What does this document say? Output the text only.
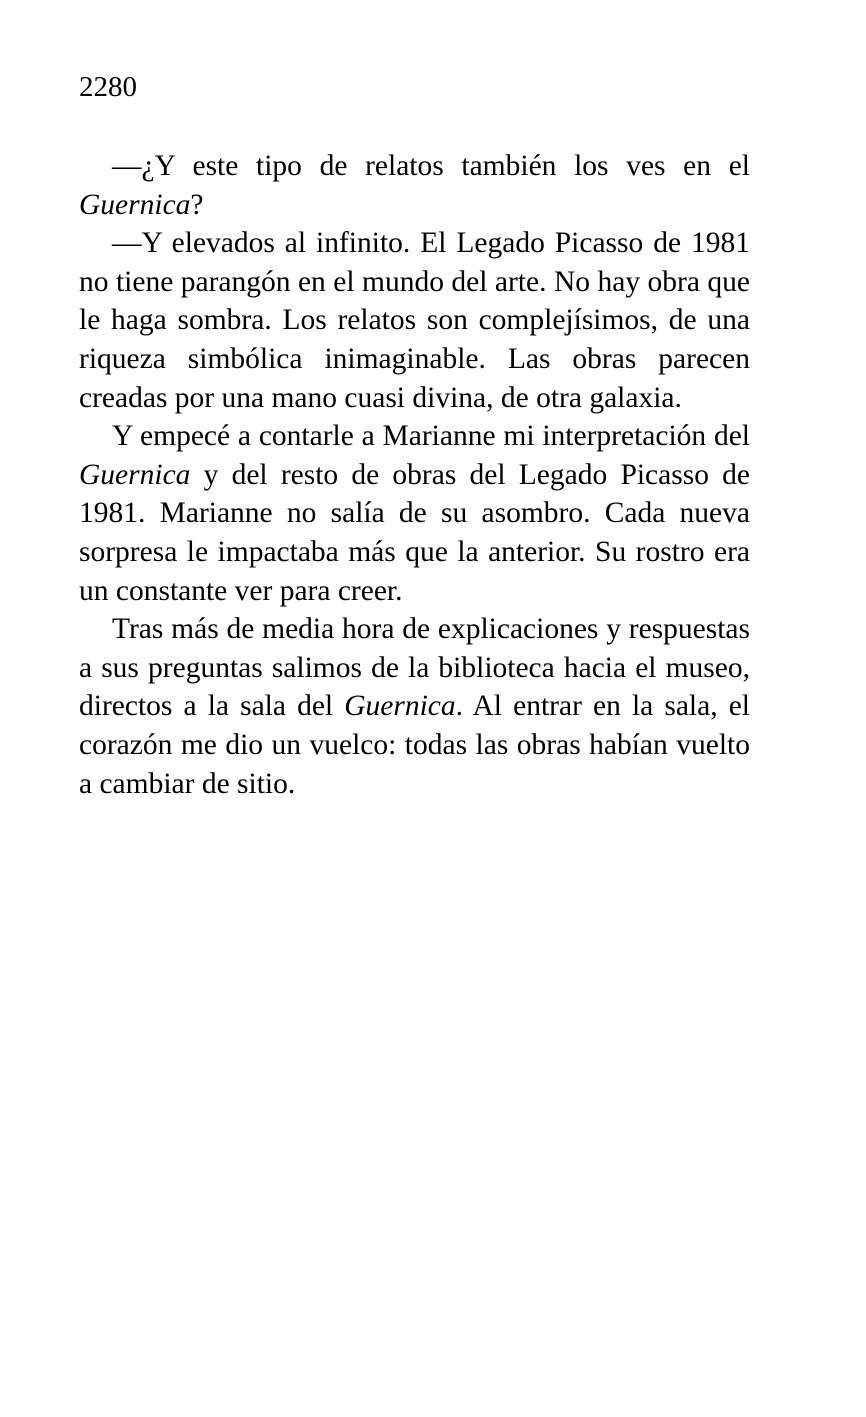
2280

—¿Y este tipo de relatos también los ves en el Guernica?

—Y elevados al infinito. El Legado Picasso de 1981 no tiene parangón en el mundo del arte. No hay obra que le haga sombra. Los relatos son complejísimos, de una riqueza simbólica inimaginable. Las obras parecen creadas por una mano cuasi divina, de otra galaxia.

Y empecé a contarle a Marianne mi interpretación del Guernica y del resto de obras del Legado Picasso de 1981. Marianne no salía de su asombro. Cada nueva sorpresa le impactaba más que la anterior. Su rostro era un constante ver para creer.

Tras más de media hora de explicaciones y respuestas a sus preguntas salimos de la biblioteca hacia el museo, directos a la sala del Guernica. Al entrar en la sala, el corazón me dio un vuelco: todas las obras habían vuelto a cambiar de sitio.
